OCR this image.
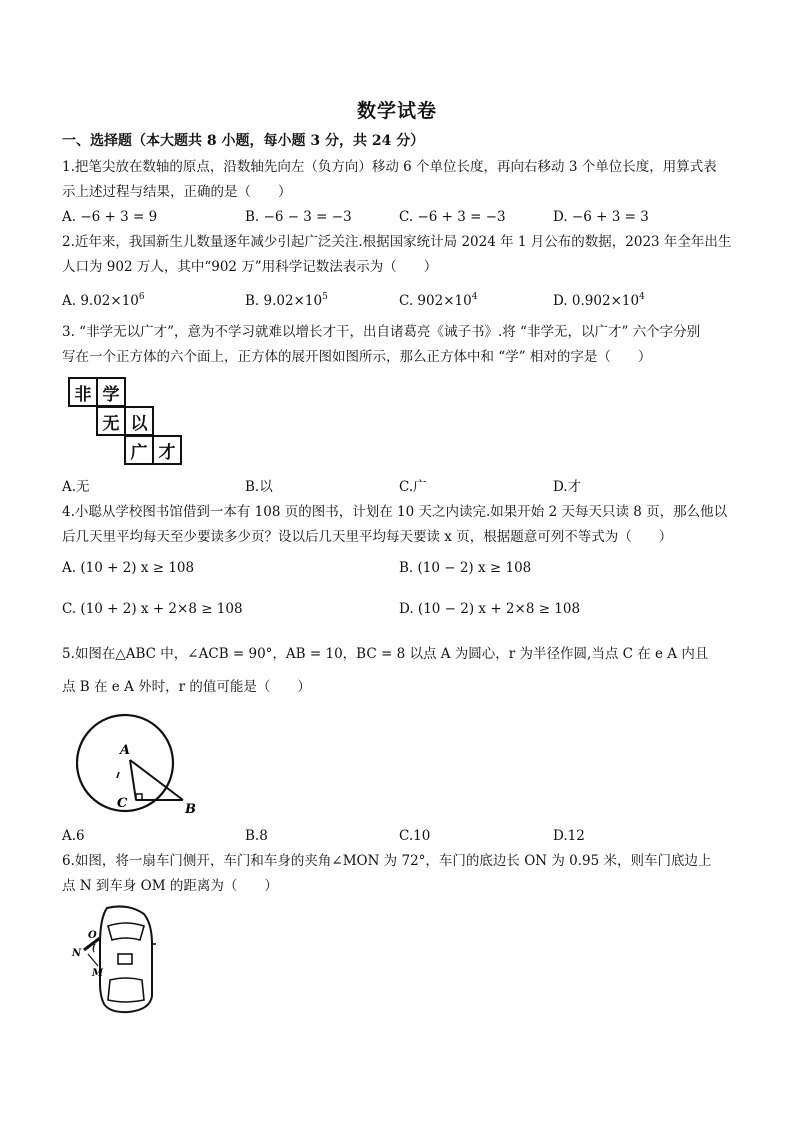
数学试卷
一、选择题（本大题共 8 小题，每小题 3 分，共 24 分）
1.把笔尖放在数轴的原点，沿数轴先向左（负方向）移动 6 个单位长度，再向右移动 3 个单位长度，用算式表
示上述过程与结果，正确的是（　　）
A. −6 + 3 = 9	B. −6 − 3 = −3	C. −6 + 3 = −3	D. −6 + 3 = 3
2.近年来，我国新生儿数量逐年减少引起广泛关注.根据国家统计局 2024 年 1 月公布的数据，2023 年全年出生
人口为 902 万人，其中“902 万”用科学记数法表示为（　　）
A. $9.02\times 10^6$	B. $9.02\times 10^5$	C. $902\times 10^4$	D. $0.902\times 10^4$
3. “非学无以广才”，意为不学习就难以增长才干，出自诸葛亮《诫子书》.将 “非学无，以广才” 六个字分别
写在一个正方体的六个面上，正方体的展开图如图所示，那么正方体中和 “学” 相对的字是（　　）
非 学
无 以
广 才
A.无	B.以	C.广	D.才
4.小聪从学校图书馆借到一本有 108 页的图书，计划在 10 天之内读完.如果开始 2 天每天只读 8 页，那么他以
后几天里平均每天至少要读多少页？设以后几天里平均每天要读 x 页，根据题意可列不等式为（　　）
A. (10 + 2) x ≥ 108	B. (10 − 2) x ≥ 108
C. (10 + 2) x + 2×8 ≥ 108	D. (10 − 2) x + 2×8 ≥ 108
5.如图在△ABC 中，∠ACB = 90°，AB = 10，BC = 8 以点 A 为圆心，r 为半径作圆,当点 C 在 e A 内且
点 B 在 e A 外时，r 的值可能是（　　）
A
C	B
A.6	B.8	C.10	D.12
6.如图，将一扇车门侧开，车门和车身的夹角∠MON 为 72°，车门的底边长 ON 为 0.95 米，则车门底边上
点 N 到车身 OM 的距离为（　　）
O
N
M
